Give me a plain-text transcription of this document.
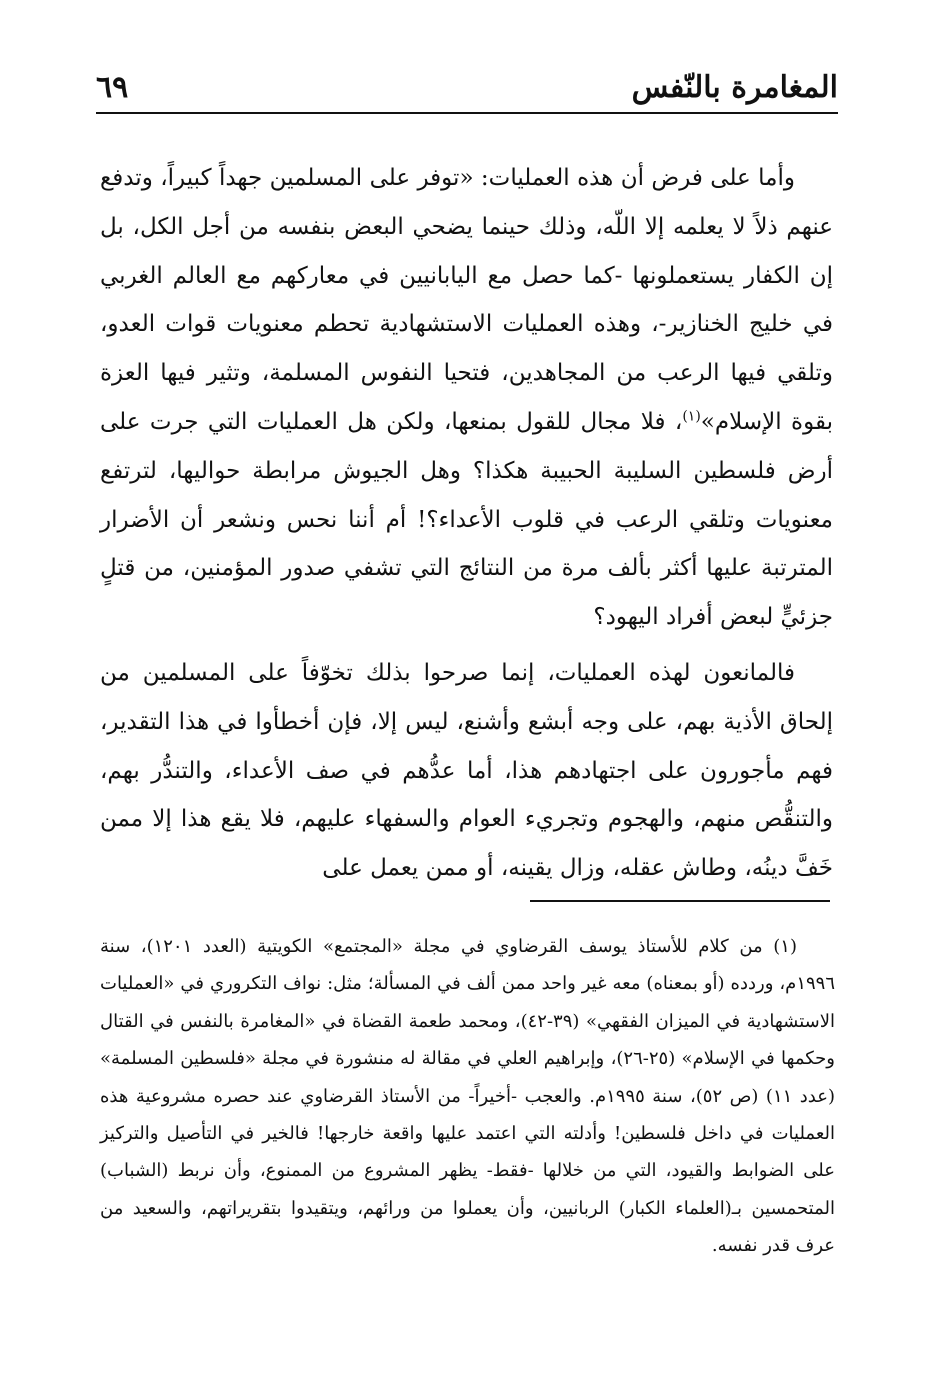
المغامرة بالنّفس
٦٩

وأما على فرض أن هذه العمليات: «توفر على المسلمين جهداً كبيراً، وتدفع عنهم ذلاً لا يعلمه إلا اللّه، وذلك حينما يضحي البعض بنفسه من أجل الكل، بل إن الكفار يستعملونها -كما حصل مع اليابانيين في معاركهم مع العالم الغربي في خليج الخنازير-، وهذه العمليات الاستشهادية تحطم معنويات قوات العدو، وتلقي فيها الرعب من المجاهدين، فتحيا النفوس المسلمة، وتثير فيها العزة بقوة الإسلام»$^{(١)}$، فلا مجال للقول بمنعها، ولكن هل العمليات التي جرت على أرض فلسطين السليبة الحبيبة هكذا؟ وهل الجيوش مرابطة حواليها، لترتفع معنويات وتلقي الرعب في قلوب الأعداء؟! أم أننا نحس ونشعر أن الأضرار المترتبة عليها أكثر بألف مرة من النتائج التي تشفي صدور المؤمنين، من قتلٍ جزئيٍّ لبعض أفراد اليهود؟

فالمانعون لهذه العمليات، إنما صرحوا بذلك تخوّفاً على المسلمين من إلحاق الأذية بهم، على وجه أبشع وأشنع، ليس إلا، فإن أخطأوا في هذا التقدير، فهم مأجورون على اجتهادهم هذا، أما عدُّهم في صف الأعداء، والتندُّر بهم، والتنقُّص منهم، والهجوم وتجريء العوام والسفهاء عليهم، فلا يقع هذا إلا ممن خَفَّ دينُه، وطاش عقله، وزال يقينه، أو ممن يعمل على

(١) من كلام للأستاذ يوسف القرضاوي في مجلة «المجتمع» الكويتية (العدد ١٢٠١)، سنة ١٩٩٦م، وردده (أو بمعناه) معه غير واحد ممن ألف في المسألة؛ مثل: نواف التكروري في «العمليات الاستشهادية في الميزان الفقهي» (٣٩-٤٢)، ومحمد طعمة القضاة في «المغامرة بالنفس في القتال وحكمها في الإسلام» (٢٥-٢٦)، وإبراهيم العلي في مقالة له منشورة في مجلة «فلسطين المسلمة» (عدد ١١) (ص ٥٢)، سنة ١٩٩٥م. والعجب -أخيراً- من الأستاذ القرضاوي عند حصره مشروعية هذه العمليات في داخل فلسطين! وأدلته التي اعتمد عليها واقعة خارجها! فالخير في التأصيل والتركيز على الضوابط والقيود، التي من خلالها -فقط- يظهر المشروع من الممنوع، وأن نربط (الشباب) المتحمسين بـ(العلماء الكبار) الربانيين، وأن يعملوا من ورائهم، ويتقيدوا بتقريراتهم، والسعيد من عرف قدر نفسه.
